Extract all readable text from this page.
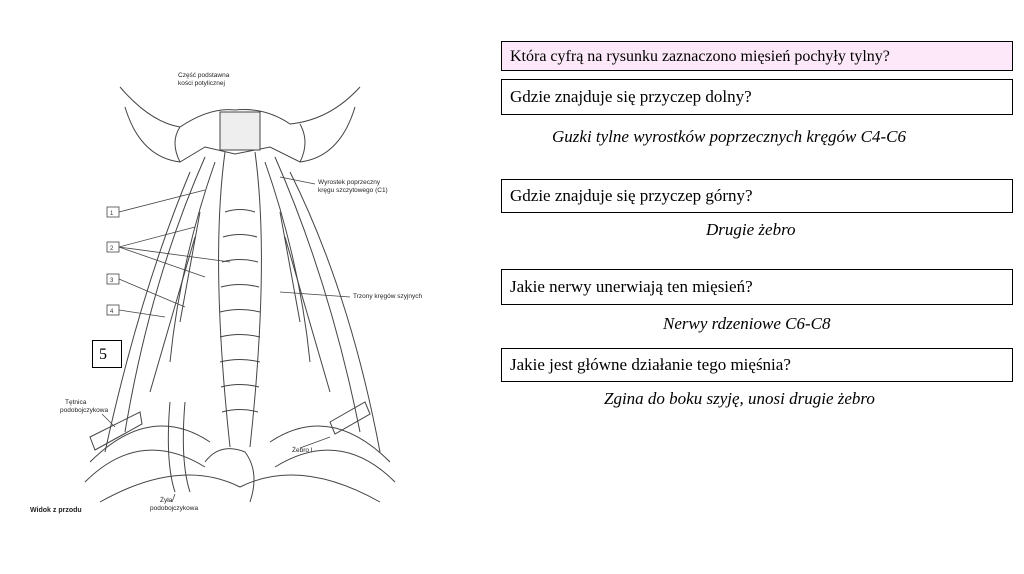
1
2
3
4
Część podstawna
kości potylicznej
Wyrostek poprzeczny
kręgu szczytowego (C1)
Trzony kręgów szyjnych
Tętnica
podobojczykowa
Żebro I
Żyła
podobojczykowa
Widok z przodu
5
Która cyfrą na rysunku zaznaczono mięsień pochyły tylny?
Gdzie znajduje się przyczep dolny?
Guzki tylne wyrostków poprzecznych kręgów C4-C6
Gdzie znajduje się przyczep górny?
Drugie żebro
Jakie nerwy unerwiają ten mięsień?
Nerwy rdzeniowe C6-C8
Jakie jest główne działanie tego mięśnia?
Zgina do boku szyję, unosi drugie żebro
